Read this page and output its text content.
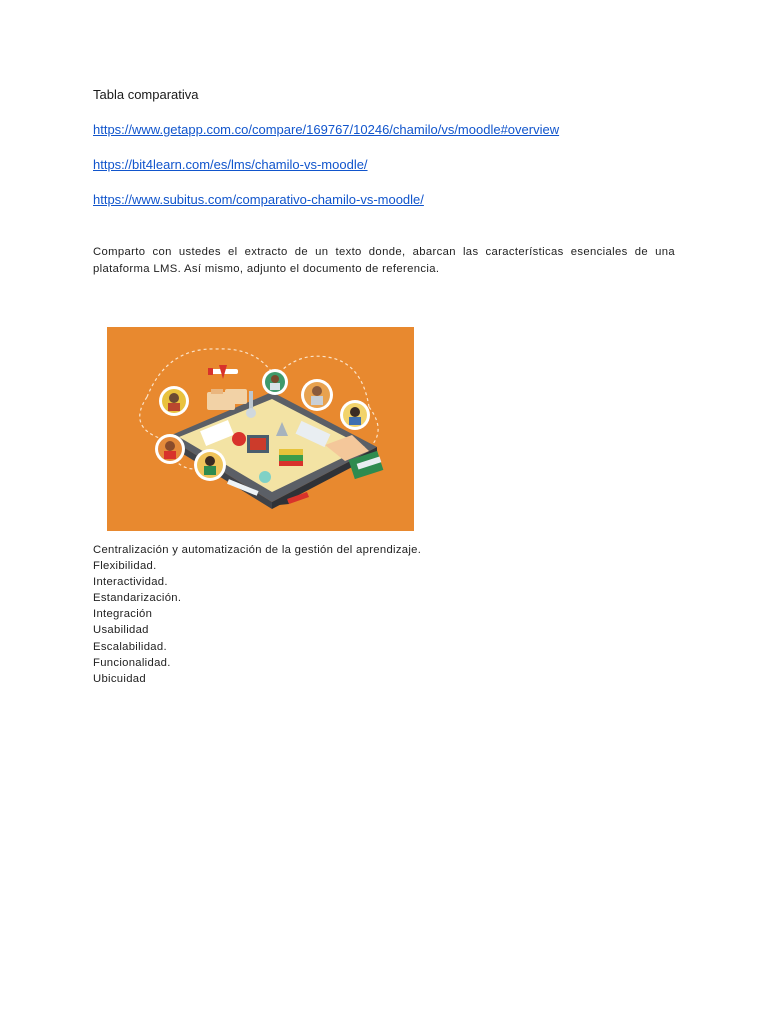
Tabla comparativa
https://www.getapp.com.co/compare/169767/10246/chamilo/vs/moodle#overview
https://bit4learn.com/es/lms/chamilo-vs-moodle/
https://www.subitus.com/comparativo-chamilo-vs-moodle/
Comparto con ustedes el extracto de un texto donde, abarcan las características esenciales de una plataforma LMS. Así mismo, adjunto el documento de referencia.
Centralización y automatización de la gestión del aprendizaje.
Flexibilidad.
Interactividad.
Estandarización.
Integración
Usabilidad
Escalabilidad.
Funcionalidad.
Ubicuidad
